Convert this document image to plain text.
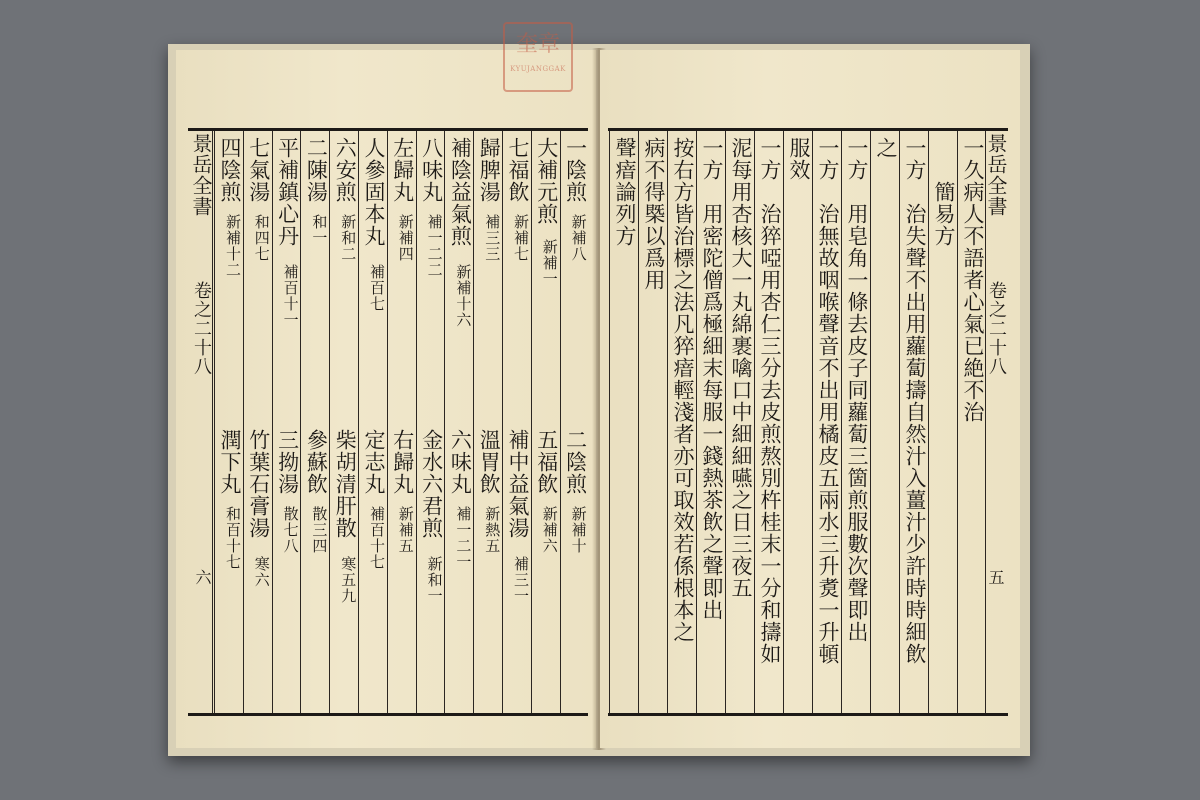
景岳全書
卷之二十八
六
四陰煎
新補十二
潤下丸
和百十七
七氣湯
和四七
竹葉石膏湯
寒六
平補鎮心丹
補百十一
三拗湯
散七八
二陳湯
和一
參蘇飲
散三四
六安煎
新和二
柴胡清肝散
寒五九
人參固本丸
補百七
定志丸
補百十七
左歸丸
新補四
右歸丸
新補五
八味丸
補一二二
金水六君煎
新和一
補陰益氣煎
新補十六
六味丸
補一二一
歸脾湯
補三三
溫胃飲
新熱五
七福飲
新補七
補中益氣湯
補三一
大補元煎
新補一
五福飲
新補六
一陰煎
新補八
二陰煎
新補十
景岳全書
卷之二十八
五
一久病人不語者心氣已絶不治
　　簡易方
一方　治失聲不出用蘿蔔擣自然汁入薑汁少許時時細飲
之
一方　用皂角一條去皮子同蘿蔔三箇煎服數次聲即出
一方　治無故咽喉聲音不出用橘皮五兩水三升煑一升頓
服效
一方　治猝啞用杏仁三分去皮煎熬別杵桂末一分和擣如
泥每用杏核大一丸綿裹噙口中細細嚥之日三夜五
一方　用密陀僧爲極細末每服一錢熱茶飲之聲即出
按右方皆治標之法凡猝瘖輕淺者亦可取效若係根本之
病不得槩以爲用
聲瘖論列方
奎章
KYUJANGGAK
